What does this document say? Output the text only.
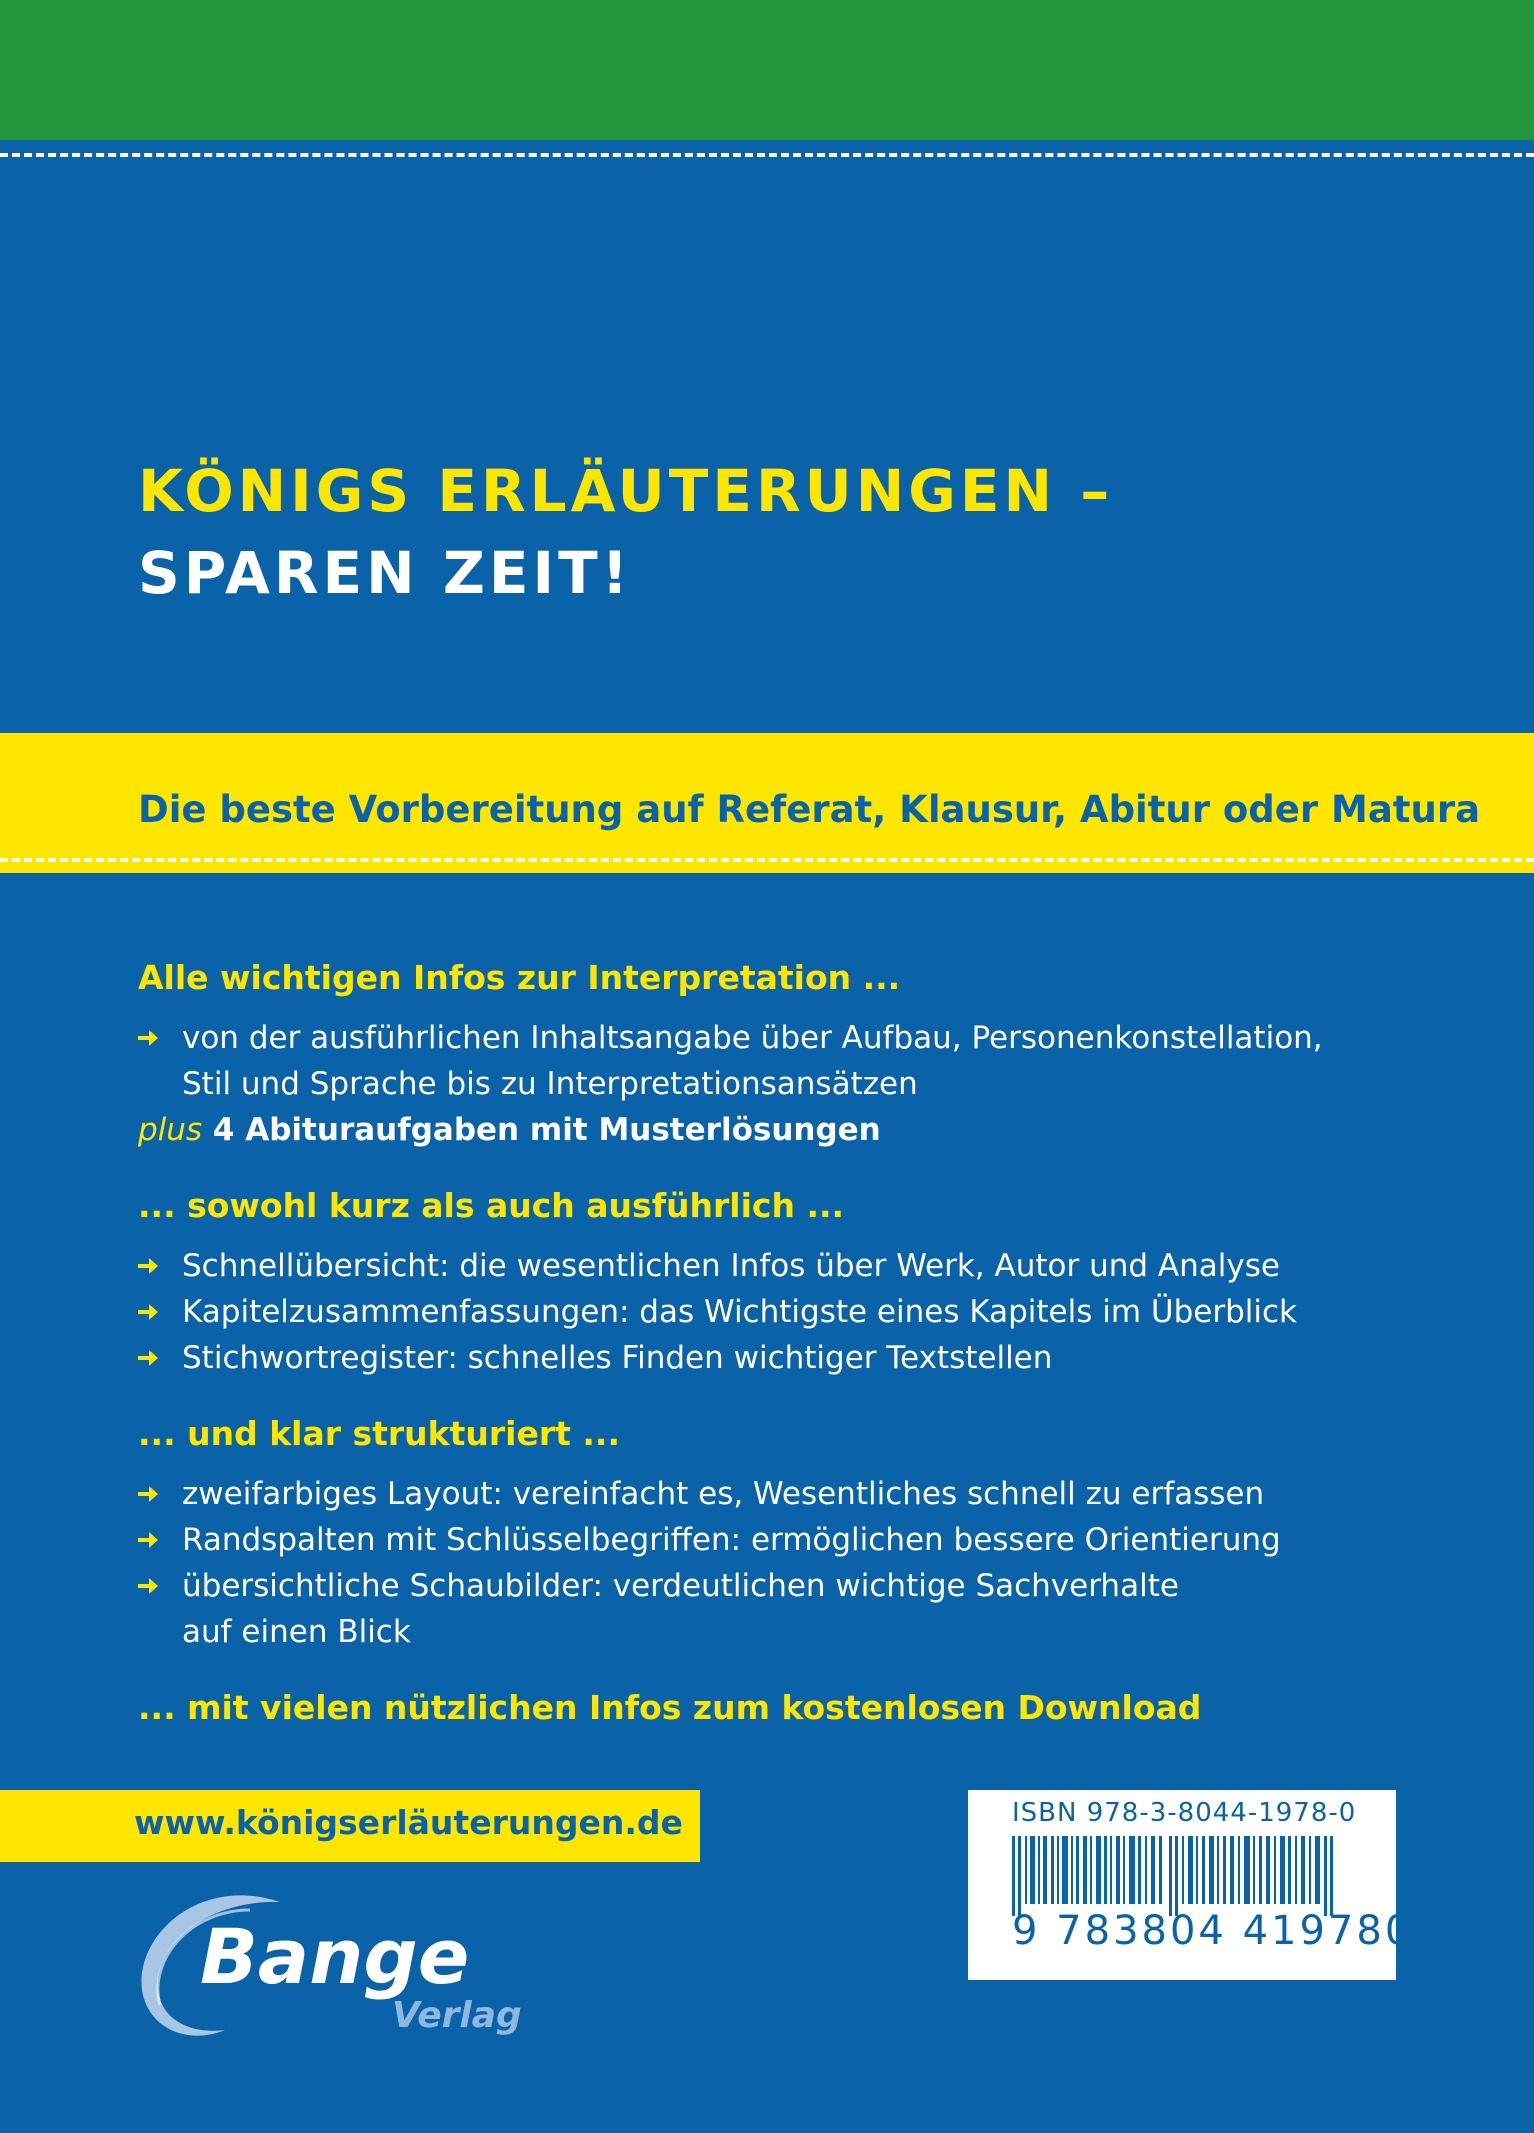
KÖNIGS ERLÄUTERUNGEN –
SPAREN ZEIT!
Die beste Vorbereitung auf Referat, Klausur, Abitur oder Matura
Alle wichtigen Infos zur Interpretation ...
von der ausführlichen Inhaltsangabe über Aufbau, Personenkonstellation,
Stil und Sprache bis zu Interpretationsansätzen
plus 4 Abituraufgaben mit Musterlösungen
... sowohl kurz als auch ausführlich ...
Schnellübersicht: die wesentlichen Infos über Werk, Autor und Analyse
Kapitelzusammenfassungen: das Wichtigste eines Kapitels im Überblick
Stichwortregister: schnelles Finden wichtiger Textstellen
... und klar strukturiert ...
zweifarbiges Layout: vereinfacht es, Wesentliches schnell zu erfassen
Randspalten mit Schlüsselbegriffen: ermöglichen bessere Orientierung
übersichtliche Schaubilder: verdeutlichen wichtige Sachverhalte
auf einen Blick
... mit vielen nützlichen Infos zum kostenlosen Download
www.königserläuterungen.de
Bange
Verlag
ISBN 978-3-8044-1978-0
9 783804 419780
